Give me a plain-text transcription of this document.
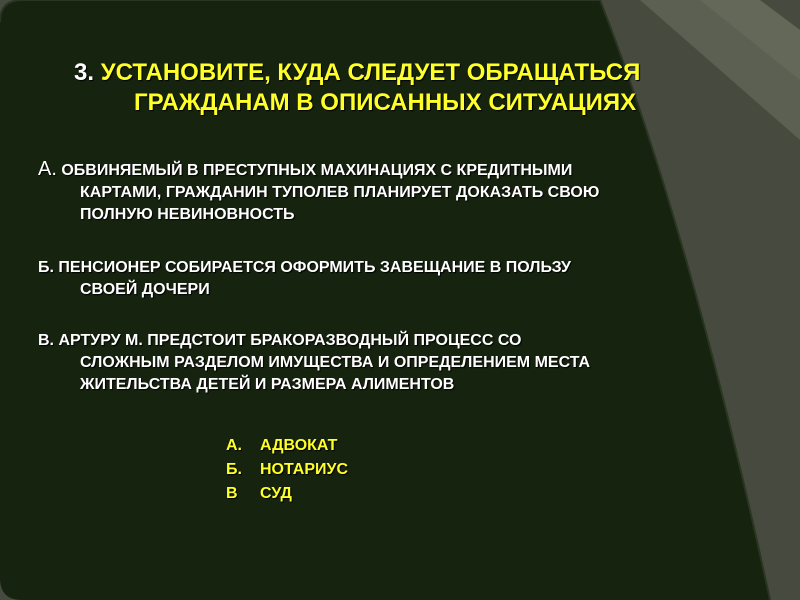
3. УСТАНОВИТЕ, КУДА СЛЕДУЕТ ОБРАЩАТЬСЯ
ГРАЖДАНАМ В ОПИСАННЫХ СИТУАЦИЯХ
А. ОБВИНЯЕМЫЙ В ПРЕСТУПНЫХ МАХИНАЦИЯХ С КРЕДИТНЫМИ
КАРТАМИ, ГРАЖДАНИН ТУПОЛЕВ ПЛАНИРУЕТ ДОКАЗАТЬ СВОЮ
ПОЛНУЮ НЕВИНОВНОСТЬ
Б. ПЕНСИОНЕР СОБИРАЕТСЯ ОФОРМИТЬ ЗАВЕЩАНИЕ В ПОЛЬЗУ
СВОЕЙ ДОЧЕРИ
В. АРТУРУ М. ПРЕДСТОИТ БРАКОРАЗВОДНЫЙ ПРОЦЕСС СО
СЛОЖНЫМ РАЗДЕЛОМ ИМУЩЕСТВА И ОПРЕДЕЛЕНИЕМ МЕСТА
ЖИТЕЛЬСТВА ДЕТЕЙ И РАЗМЕРА АЛИМЕНТОВ
А. АДВОКАТ
Б. НОТАРИУС
В СУД
